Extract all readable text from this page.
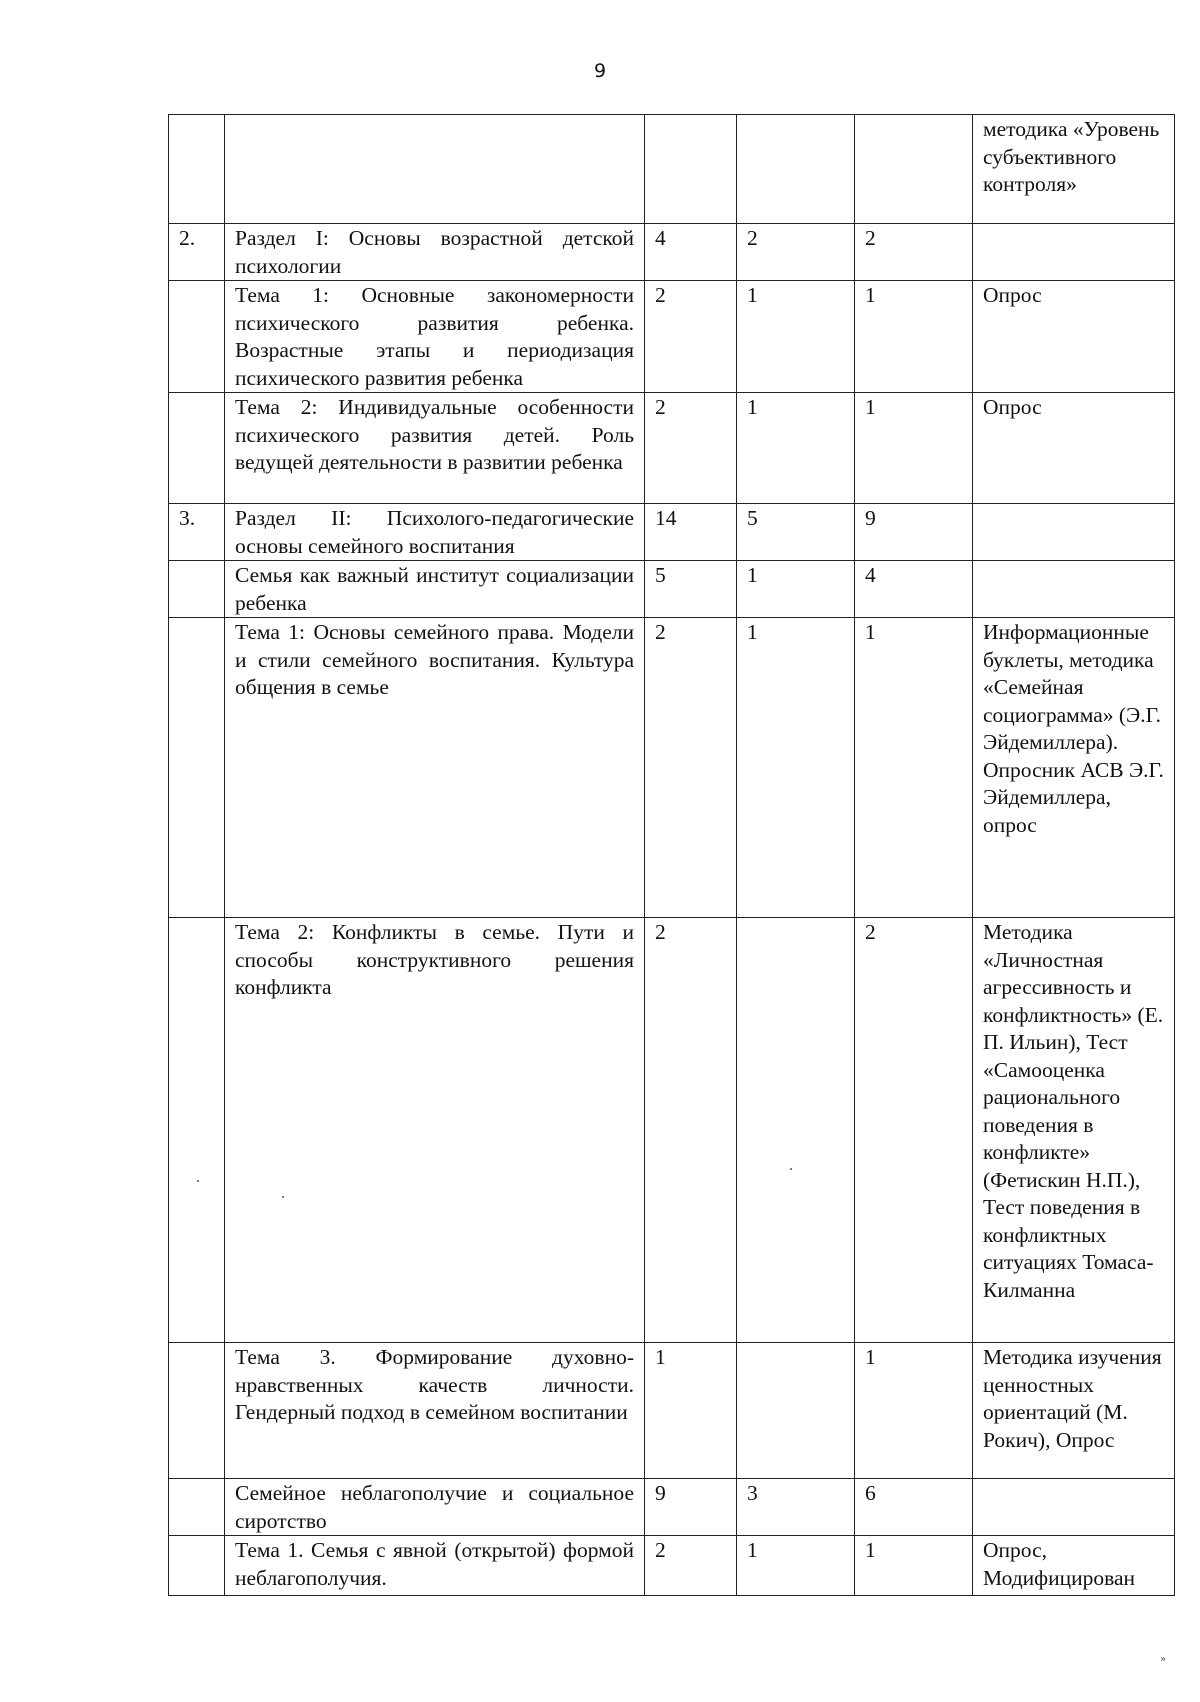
9
					методика «Уровень субъективного контроля»
2.	Раздел I: Основы возрастной детской психологии	4	2	2	
	Тема 1: Основные закономерности психического развития ребенка. Возрастные этапы и периодизация психического развития ребенка	2	1	1	Опрос
	Тема 2: Индивидуальные особенности психического развития детей. Роль ведущей деятельности в развитии ребенка	2	1	1	Опрос
3.	Раздел II: Психолого-педагогические основы семейного воспитания	14	5	9	
	Семья как важный институт социализации ребенка	5	1	4	
	Тема 1: Основы семейного права. Модели и стили семейного воспитания. Культура общения в семье	2	1	1	Информационные буклеты, методика «Семейная социограмма» (Э.Г. Эйдемиллера). Опросник АСВ Э.Г. Эйдемиллера, опрос
	Тема 2: Конфликты в семье. Пути и способы конструктивного решения конфликта	2		2	Методика «Личностная агрессивность и конфликтность» (Е. П. Ильин), Тест «Самооценка рационального поведения в конфликте» (Фетискин Н.П.), Тест поведения в конфликтных ситуациях Томаса-Килманна
	Тема 3. Формирование духовно-нравственных качеств личности. Гендерный подход в семейном воспитании	1		1	Методика изучения ценностных ориентаций (М. Рокич), Опрос
	Семейное неблагополучие и социальное сиротство	9	3	6	
	Тема 1. Семья с явной (открытой) формой неблагополучия.	2	1	1	Опрос, Модифицирован
»
